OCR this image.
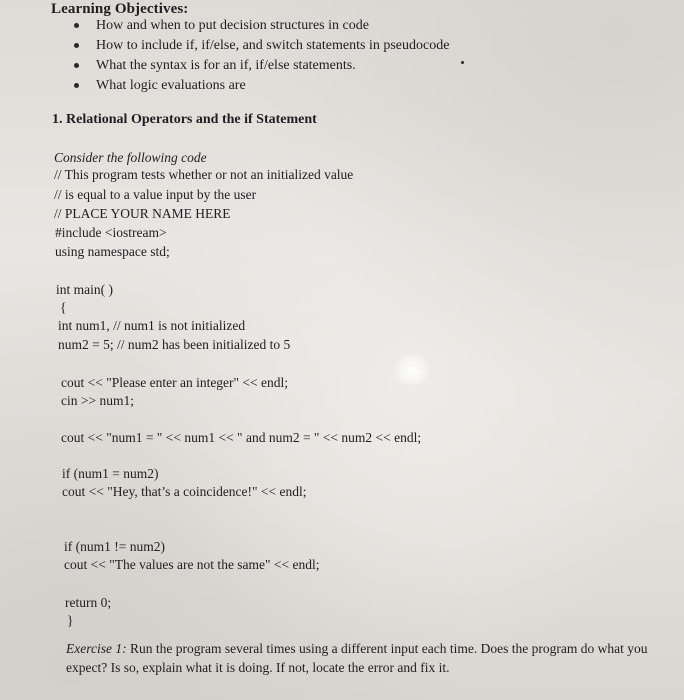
Learning Objectives:
How and when to put decision structures in code
How to include if, if/else, and switch statements in pseudocode
What the syntax is for an if, if/else statements.
What logic evaluations are
1. Relational Operators and the if Statement
Consider the following code
// This program tests whether or not an initialized value
// is equal to a value input by the user
// PLACE YOUR NAME HERE
#include <iostream>
using namespace std;
int main( )
{
int num1, // num1 is not initialized
num2 = 5; // num2 has been initialized to 5
cout << "Please enter an integer" << endl;
cin >> num1;
cout << "num1 = " << num1 << " and num2 = " << num2 << endl;
if (num1 = num2)
cout << "Hey, that’s a coincidence!" << endl;
if (num1 != num2)
cout << "The values are not the same" << endl;
return 0;
}
Exercise 1: Run the program several times using a different input each time. Does the program do what you expect? Is so, explain what it is doing. If not, locate the error and fix it.
